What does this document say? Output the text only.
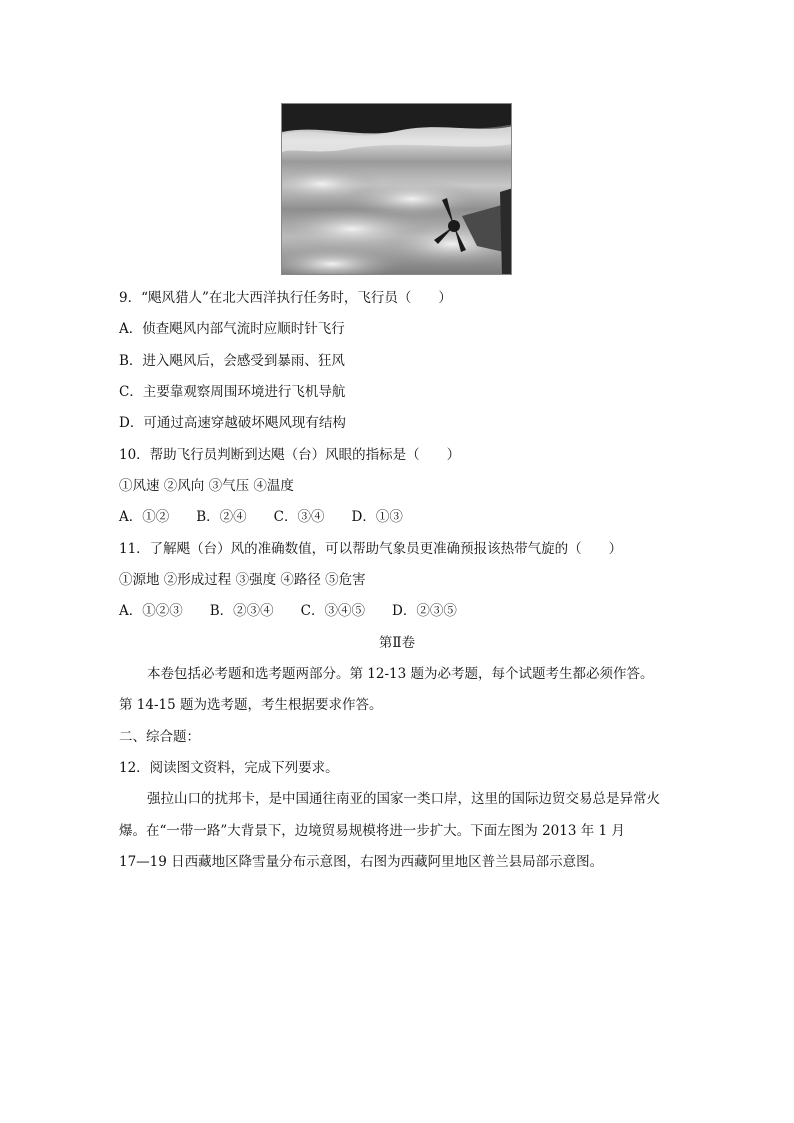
9．“飓风猎人”在北大西洋执行任务时，飞行员（　　）
A．侦查飓风内部气流时应顺时针飞行
B．进入飓风后，会感受到暴雨、狂风
C．主要靠观察周围环境进行飞机导航
D．可通过高速穿越破坏飓风现有结构
10．帮助飞行员判断到达飓（台）风眼的指标是（　　）
①风速 ②风向 ③气压 ④温度
A．①②　　B．②④　　C．③④　　D．①③
11．了解飓（台）风的准确数值，可以帮助气象员更准确预报该热带气旋的（　　）
①源地 ②形成过程 ③强度 ④路径 ⑤危害
A．①②③　　B．②③④　　C．③④⑤　　D．②③⑤
第Ⅱ卷
本卷包括必考题和选考题两部分。第 12-13 题为必考题，每个试题考生都必须作答。
第 14-15 题为选考题，考生根据要求作答。
二、综合题：
12．阅读图文资料，完成下列要求。
强拉山口的扰邦卡，是中国通往南亚的国家一类口岸，这里的国际边贸交易总是异常火
爆。在“一带一路”大背景下，边境贸易规模将进一步扩大。下面左图为 2013 年 1 月
17—19 日西藏地区降雪量分布示意图，右图为西藏阿里地区普兰县局部示意图。
